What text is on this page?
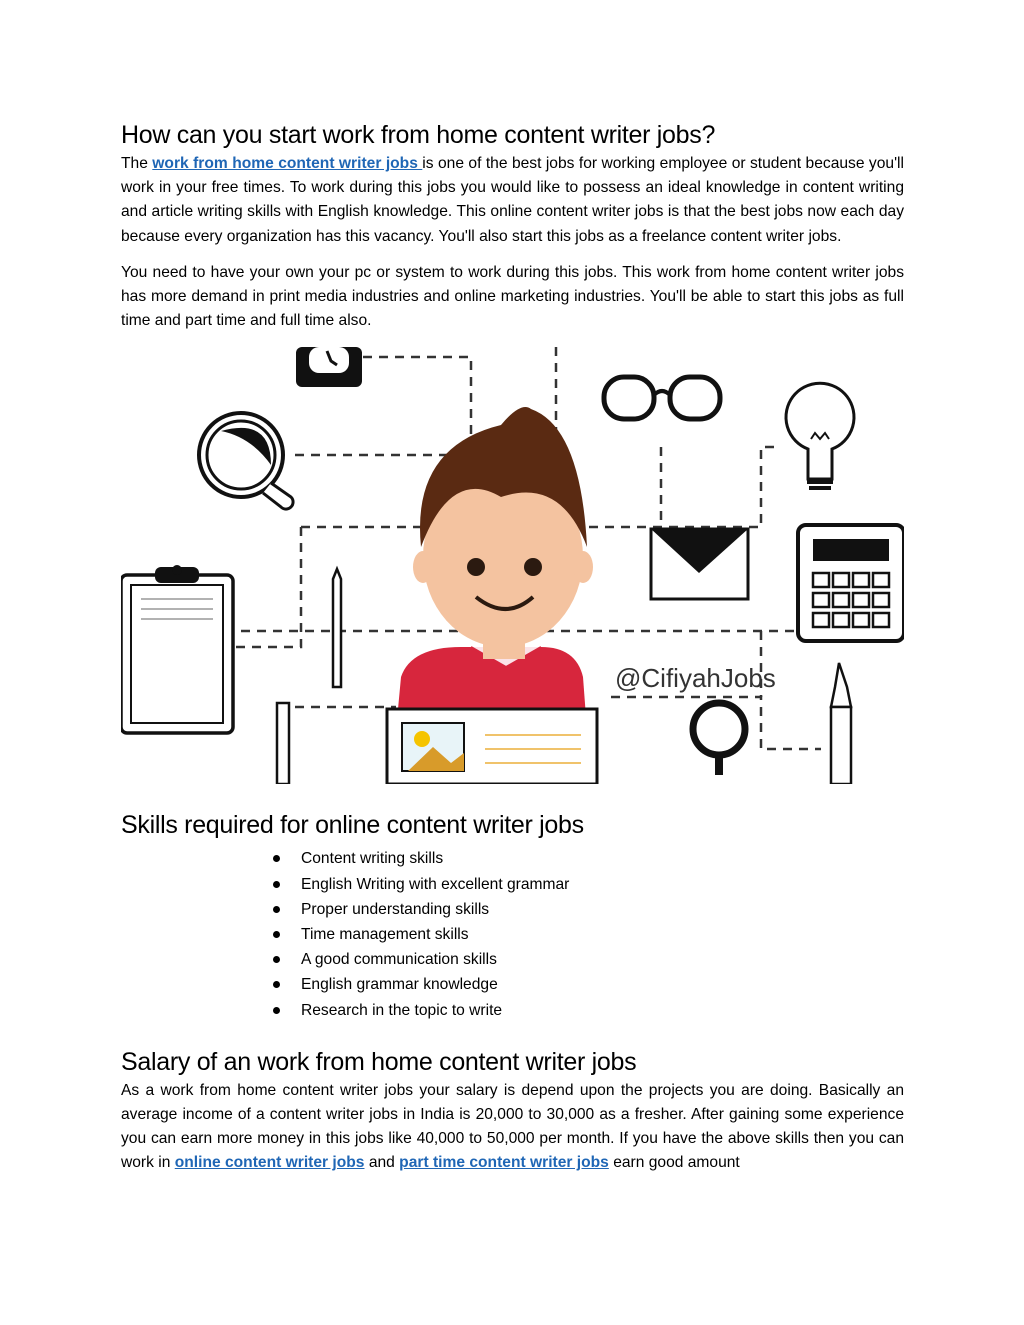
How can you start work from home content writer jobs?

The work from home content writer jobs is one of the best jobs for working employee or student because you'll work in your free times. To work during this jobs you would like to possess an ideal knowledge in content writing and article writing skills with English knowledge. This online content writer jobs is that the best jobs now each day because every organization has this vacancy. You'll also start this jobs as a freelance content writer jobs.

You need to have your own your pc or system to work during this jobs. This work from home content writer jobs has more demand in print media industries and online marketing industries. You'll be able to start this jobs as full time and part time and full time also.

@CifiyahJobs
Skills required for online content writer jobs
Content writing skills
English Writing with excellent grammar
Proper understanding skills
Time management skills
A good communication skills
English grammar knowledge
Research in the topic to write
Salary of an work from home content writer jobs

As a work from home content writer jobs your salary is depend upon the projects you are doing. Basically an average income of a content writer jobs in India is 20,000 to 30,000 as a fresher. After gaining some experience you can earn more money in this jobs like 40,000 to 50,000 per month. If you have the above skills then you can work in online content writer jobs and part time content writer jobs earn good amount
